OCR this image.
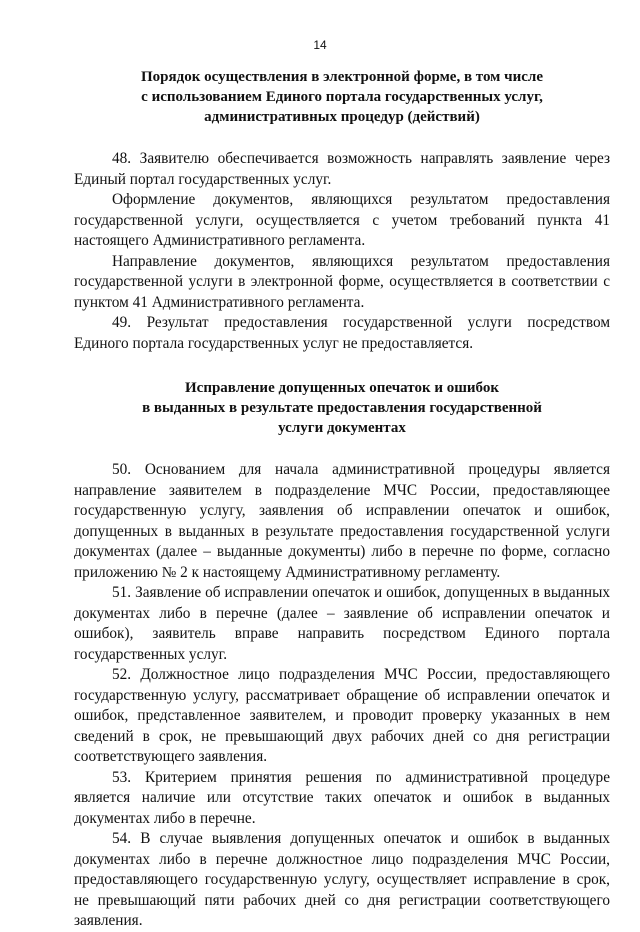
14
Порядок осуществления в электронной форме, в том числе
с использованием Единого портала государственных услуг,
административных процедур (действий)

48. Заявителю обеспечивается возможность направлять заявление через Единый портал государственных услуг.

Оформление документов, являющихся результатом предоставления государственной услуги, осуществляется с учетом требований пункта 41 настоящего Административного регламента.

Направление документов, являющихся результатом предоставления государственной услуги в электронной форме, осуществляется в соответствии с пунктом 41 Административного регламента.

49. Результат предоставления государственной услуги посредством Единого портала государственных услуг не предоставляется.

Исправление допущенных опечаток и ошибок
в выданных в результате предоставления государственной
услуги документах

50. Основанием для начала административной процедуры является направление заявителем в подразделение МЧС России, предоставляющее государственную услугу, заявления об исправлении опечаток и ошибок, допущенных в выданных в результате предоставления государственной услуги документах (далее – выданные документы) либо в перечне по форме, согласно приложению № 2 к настоящему Административному регламенту.

51. Заявление об исправлении опечаток и ошибок, допущенных в выданных документах либо в перечне (далее – заявление об исправлении опечаток и ошибок), заявитель вправе направить посредством Единого портала государственных услуг.

52. Должностное лицо подразделения МЧС России, предоставляющего государственную услугу, рассматривает обращение об исправлении опечаток и ошибок, представленное заявителем, и проводит проверку указанных в нем сведений в срок, не превышающий двух рабочих дней со дня регистрации соответствующего заявления.

53. Критерием принятия решения по административной процедуре является наличие или отсутствие таких опечаток и ошибок в выданных документах либо в перечне.

54. В случае выявления допущенных опечаток и ошибок в выданных документах либо в перечне должностное лицо подразделения МЧС России, предоставляющего государственную услугу, осуществляет исправление в срок, не превышающий пяти рабочих дней со дня регистрации соответствующего заявления.
